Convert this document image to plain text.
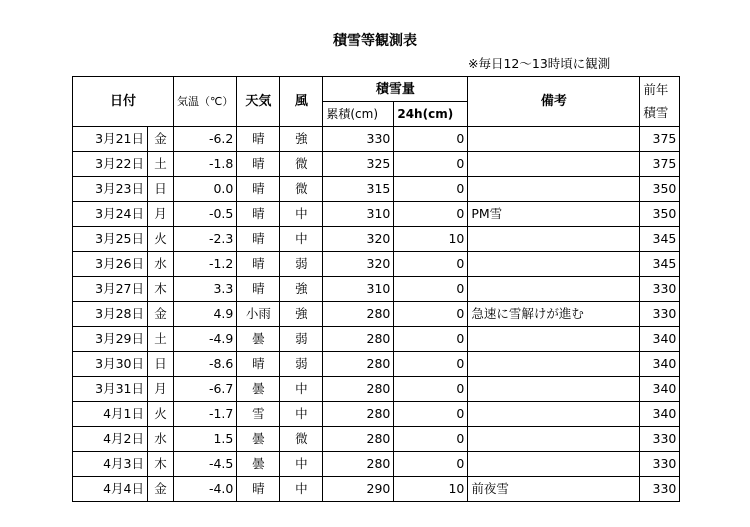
積雪等観測表
※毎日12～13時頃に観測
日付		気温（℃）	天気	風	積雪量		備考	前年
積雪

					累積(cm)	24h(cm)		
3月21日	金	-6.2	晴	強	330	0		375
3月22日	土	-1.8	晴	微	325	0		375
3月23日	日	0.0	晴	微	315	0		350
3月24日	月	-0.5	晴	中	310	0	PM雪	350
3月25日	火	-2.3	晴	中	320	10		345
3月26日	水	-1.2	晴	弱	320	0		345
3月27日	木	3.3	晴	強	310	0		330
3月28日	金	4.9	小雨	強	280	0	急速に雪解けが進む	330
3月29日	土	-4.9	曇	弱	280	0		340
3月30日	日	-8.6	晴	弱	280	0		340
3月31日	月	-6.7	曇	中	280	0		340
4月1日	火	-1.7	雪	中	280	0		340
4月2日	水	1.5	曇	微	280	0		330
4月3日	木	-4.5	曇	中	280	0		330
4月4日	金	-4.0	晴	中	290	10	前夜雪	330
